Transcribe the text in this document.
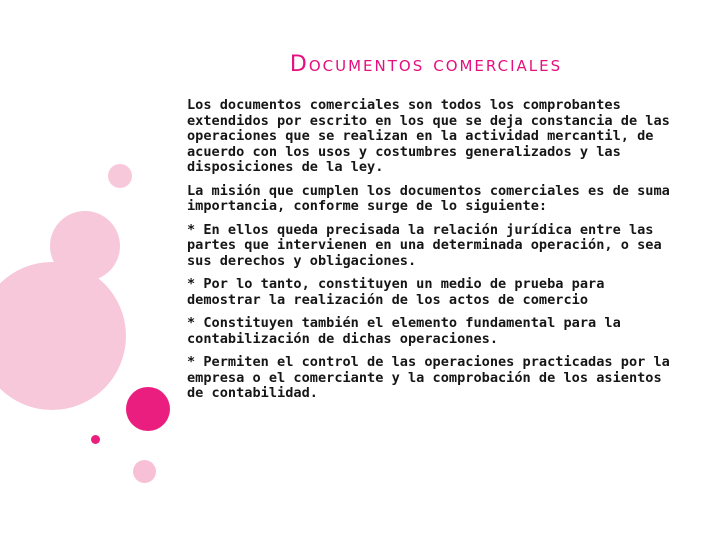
Documentos comerciales

Los documentos comerciales son todos los comprobantes extendidos por escrito en los que se deja constancia de las operaciones que se realizan en la actividad mercantil, de acuerdo con los usos y costumbres generalizados y las disposiciones de la ley.

La misión que cumplen los documentos comerciales es de suma importancia, conforme surge de lo siguiente:

* En ellos queda precisada la relación jurídica entre las partes que intervienen en una determinada operación, o sea sus derechos y obligaciones.

* Por lo tanto, constituyen un medio de prueba para demostrar la realización de los actos de comercio

* Constituyen también el elemento fundamental para la contabilización de dichas operaciones.

* Permiten el control de las operaciones practicadas por la empresa o el comerciante y la comprobación de los asientos de contabilidad.
